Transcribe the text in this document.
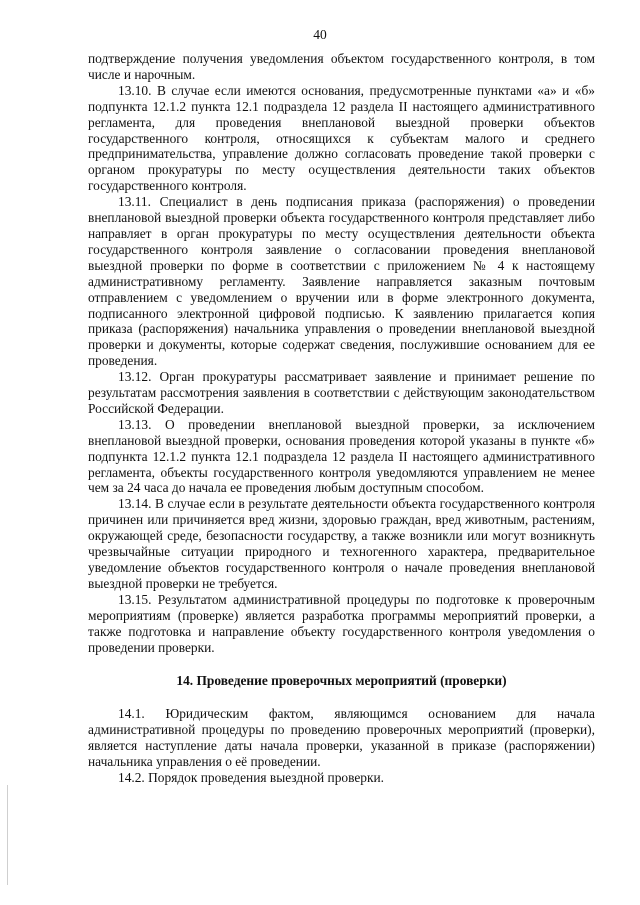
40

подтверждение получения уведомления объектом государственного контроля, в том числе и нарочным.

13.10. В случае если имеются основания, предусмотренные пунктами «а» и «б» подпункта 12.1.2 пункта 12.1 подраздела 12 раздела II настоящего административного регламента, для проведения внеплановой выездной проверки объектов государственного контроля, относящихся к субъектам малого и среднего предпринимательства, управление должно согласовать проведение такой проверки с органом прокуратуры по месту осуществления деятельности таких объектов государственного контроля.

13.11. Специалист в день подписания приказа (распоряжения) о проведении внеплановой выездной проверки объекта государственного контроля представляет либо направляет в орган прокуратуры по месту осуществления деятельности объекта государственного контроля заявление о согласовании проведения внеплановой выездной проверки по форме в соответствии с приложением № 4 к настоящему административному регламенту. Заявление направляется заказным почтовым отправлением с уведомлением о вручении или в форме электронного документа, подписанного электронной цифровой подписью. К заявлению прилагается копия приказа (распоряжения) начальника управления о проведении внеплановой выездной проверки и документы, которые содержат сведения, послужившие основанием для ее проведения.

13.12. Орган прокуратуры рассматривает заявление и принимает решение по результатам рассмотрения заявления в соответствии с действующим законодательством Российской Федерации.

13.13. О проведении внеплановой выездной проверки, за исключением внеплановой выездной проверки, основания проведения которой указаны в пункте «б» подпункта 12.1.2 пункта 12.1 подраздела 12 раздела II настоящего административного регламента, объекты государственного контроля уведомляются управлением не менее чем за 24 часа до начала ее проведения любым доступным способом.

13.14. В случае если в результате деятельности объекта государственного контроля причинен или причиняется вред жизни, здоровью граждан, вред животным, растениям, окружающей среде, безопасности государству, а также возникли или могут возникнуть чрезвычайные ситуации природного и техногенного характера, предварительное уведомление объектов государственного контроля о начале проведения внеплановой выездной проверки не требуется.

13.15. Результатом административной процедуры по подготовке к проверочным мероприятиям (проверке) является разработка программы мероприятий проверки, а также подготовка и направление объекту государственного контроля уведомления о проведении проверки.

14. Проведение проверочных мероприятий (проверки)

14.1. Юридическим фактом, являющимся основанием для начала административной процедуры по проведению проверочных мероприятий (проверки), является наступление даты начала проверки, указанной в приказе (распоряжении) начальника управления о её проведении.

14.2. Порядок проведения выездной проверки.
